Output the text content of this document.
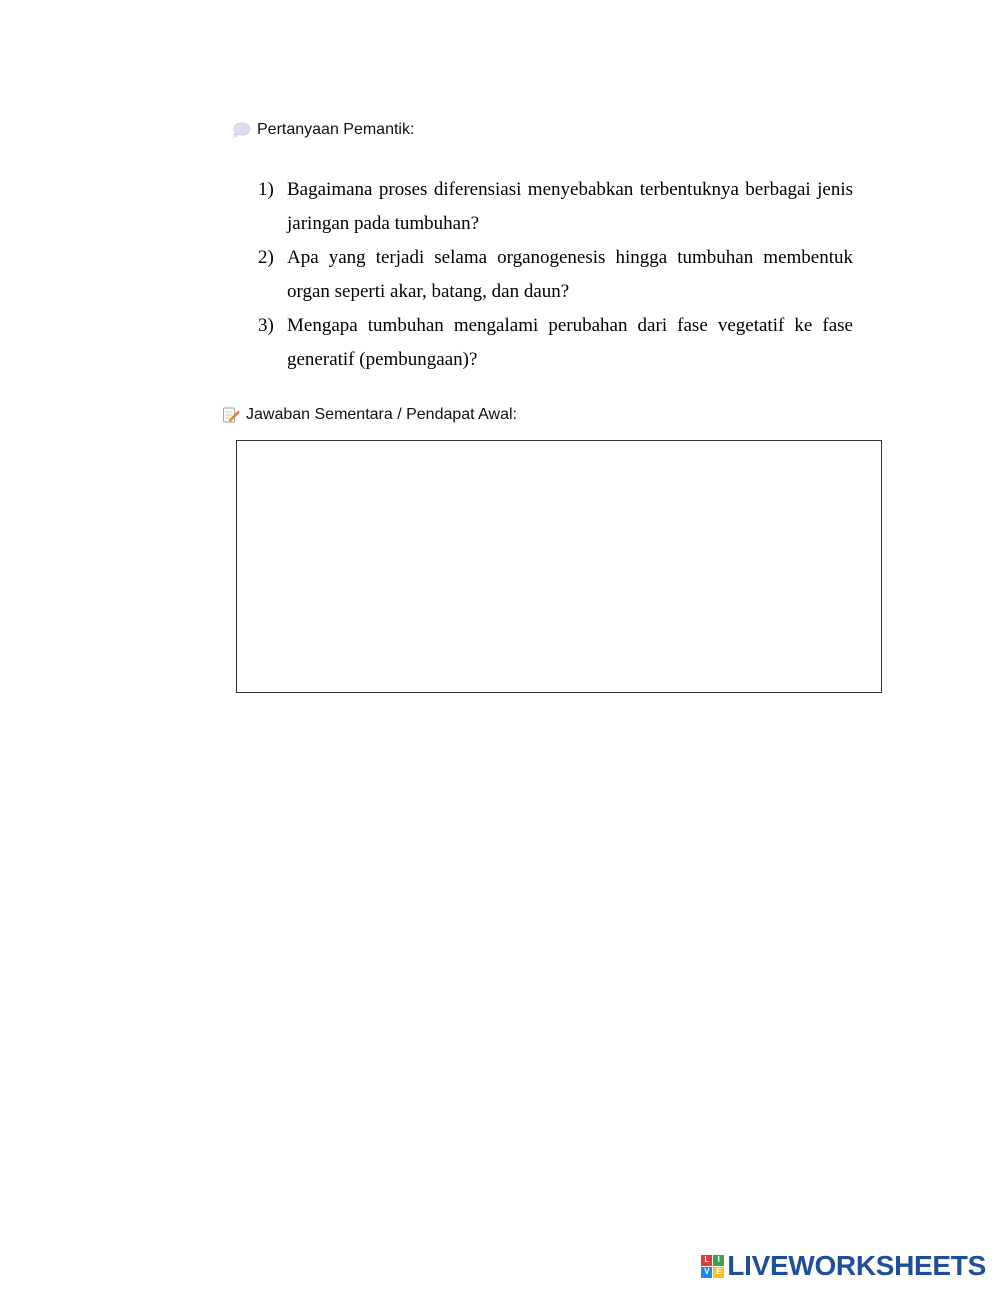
Pertanyaan Pemantik:
1) Bagaimana proses diferensiasi menyebabkan terbentuknya berbagai jenis jaringan pada tumbuhan?
2) Apa yang terjadi selama organogenesis hingga tumbuhan membentuk organ seperti akar, batang, dan daun?
3) Mengapa tumbuhan mengalami perubahan dari fase vegetatif ke fase generatif (pembungaan)?
Jawaban Sementara / Pendapat Awal:
L	I
V E LIVEWORKSHEETS
